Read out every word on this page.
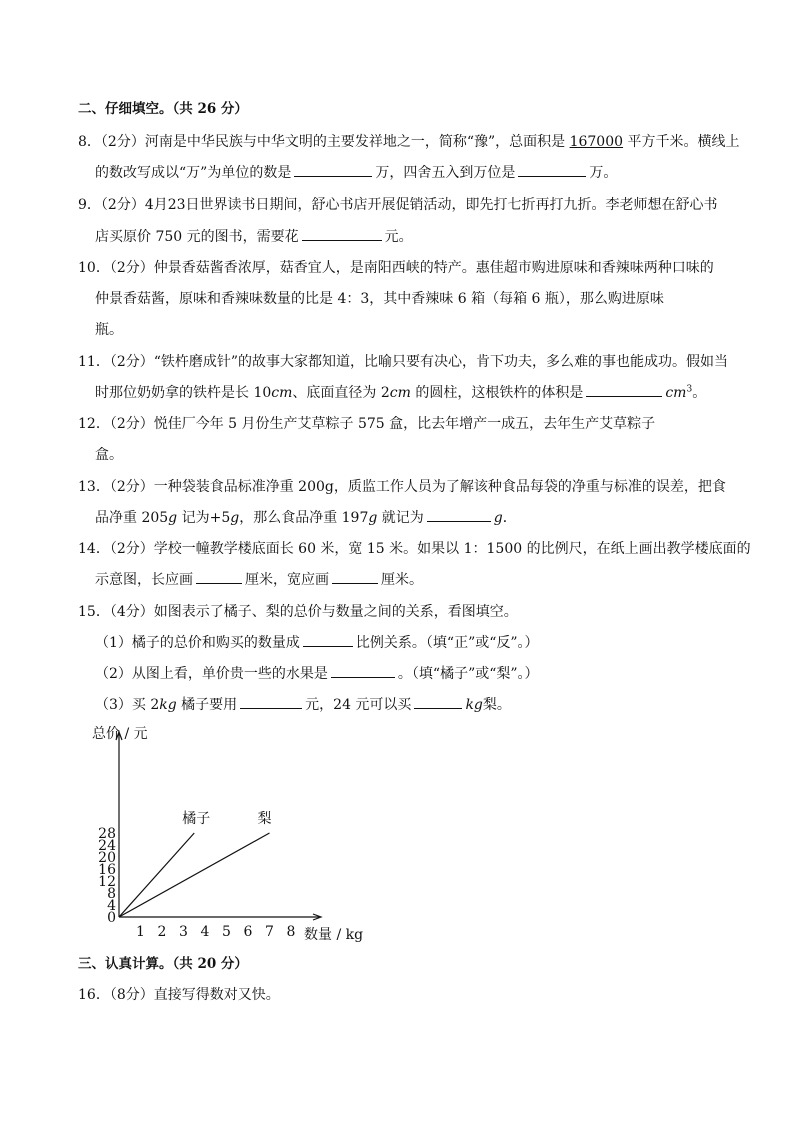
二、仔细填空。（共 26 分）
8．（2分）河南是中华民族与中华文明的主要发祥地之一，简称“豫”，总面积是 167000 平方千米。横线上
的数改写成以“万”为单位的数是	万，四舍五入到万位是	万。
9．（2分）4月23日世界读书日期间，舒心书店开展促销活动，即先打七折再打九折。李老师想在舒心书
店买原价 750 元的图书，需要花	元。
10．（2分）仲景香菇酱香浓厚，菇香宜人，是南阳西峡的特产。惠佳超市购进原味和香辣味两种口味的
仲景香菇酱，原味和香辣味数量的比是 4：3，其中香辣味 6 箱（每箱 6 瓶），那么购进原味
瓶。
11．（2分）“铁杵磨成针”的故事大家都知道，比喻只要有决心，肯下功夫，多么难的事也能成功。假如当
时那位奶奶拿的铁杵是长 10cm、底面直径为 2cm 的圆柱，这根铁杵的体积是	$cm^3$。
12．（2分）悦佳厂今年 5 月份生产艾草粽子 575 盒，比去年增产一成五，去年生产艾草粽子
盒。
13．（2分）一种袋装食品标准净重 200g，质监工作人员为了解该种食品每袋的净重与标准的误差，把食
品净重 205g 记为+5g，那么食品净重 197g 就记为	g．
14．（2分）学校一幢教学楼底面长 60 米，宽 15 米。如果以 1：1500 的比例尺，在纸上画出教学楼底面的
示意图，长应画	厘米，宽应画	厘米。
15．（4分）如图表示了橘子、梨的总价与数量之间的关系，看图填空。
（1）橘子的总价和购买的数量成	比例关系。（填“正”或“反”。）
（2）从图上看，单价贵一些的水果是	。（填“橘子”或“梨”。）
（3）买 2kg 橘子要用	元，24 元可以买	kg梨。
0
4
8
12
16
20
24
28
1 2 3 4 5 6 7 8
橘子	梨
总价 / 元
数量 / kg
三、认真计算。（共 20 分）
16．（8分）直接写得数对又快。
